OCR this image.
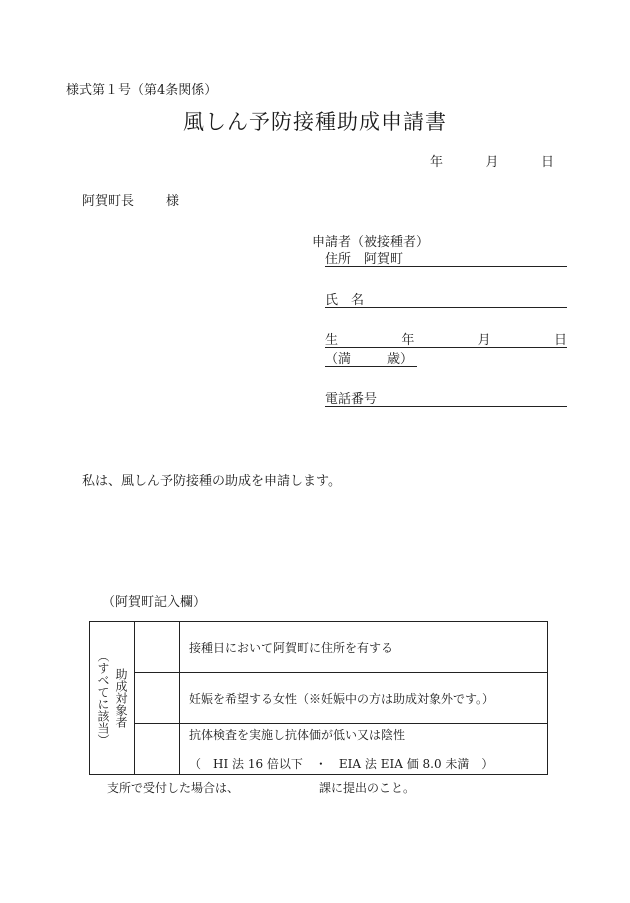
様式第１号（第4条関係）
風しん予防接種助成申請書
年	月	日
阿賀町長 様
申請者（被接種者）
住所　 阿賀町
氏　名
生	年	月	日
（満	歳）
電話番号
私は、風しん予防接種の助成を申請します。
（阿賀町記入欄）
助成対象者
（すべてに該当）		接種日において阿賀町に住所を有する
		妊娠を希望する女性（※妊娠中の方は助成対象外です。）
		抗体検査を実施し抗体価が低い又は陰性
（　HI 法 16 倍以下　・　EIA 法 EIA 価 8.0 未満　）
支所で受付した場合は、	課に提出のこと。
